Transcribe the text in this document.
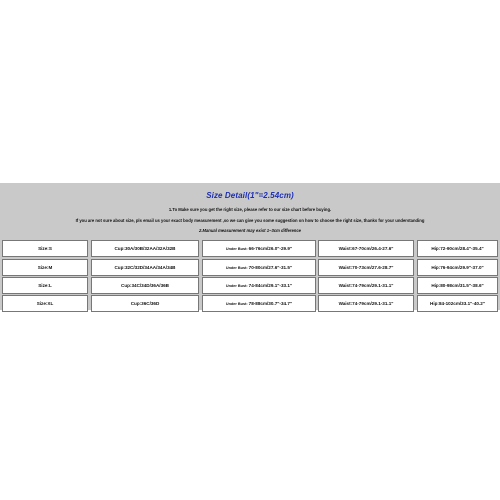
Size Detail(1"=2.54cm)
1.To Make sure you get the right size, please refer to our size chart before buying.
If you are not sure about size, pls email us your exact body measurement ,so we can give you some suggestion on how to choose the right size, thanks for your understanding
2.Manual measurement may exist 1~3cm difference
Size:S	Cup:30A/30B/32AA/32A/32B	Under Bust: 66-76cm/26.0"-29.9"	Waist:67-70cm/26.4-27.6"	Hip:72-90cm/28.4"-35.4"
Size:M	Cup:32C/32D/34AA/34A/34B	Under Bust: 70-80cm/27.6"-31.5"	Waist:70-73cm/27.6-28.7"	Hip:76-94cm/29.9"-37.0"
Size:L	Cup:34C/34D/36A/36B	Under Bust: 74-84cm/29.1"-33.1"	Waist:74-79cm/29.1-31.1"	Hip:80-98cm/31.5"-38.6"
Size:XL	Cup:36C/36D	Under Bust: 78-88cm/30.7"-34.7"	Waist:74-79cm/29.1-31.1"	Hip:84-102cm/33.1"-40.2"
